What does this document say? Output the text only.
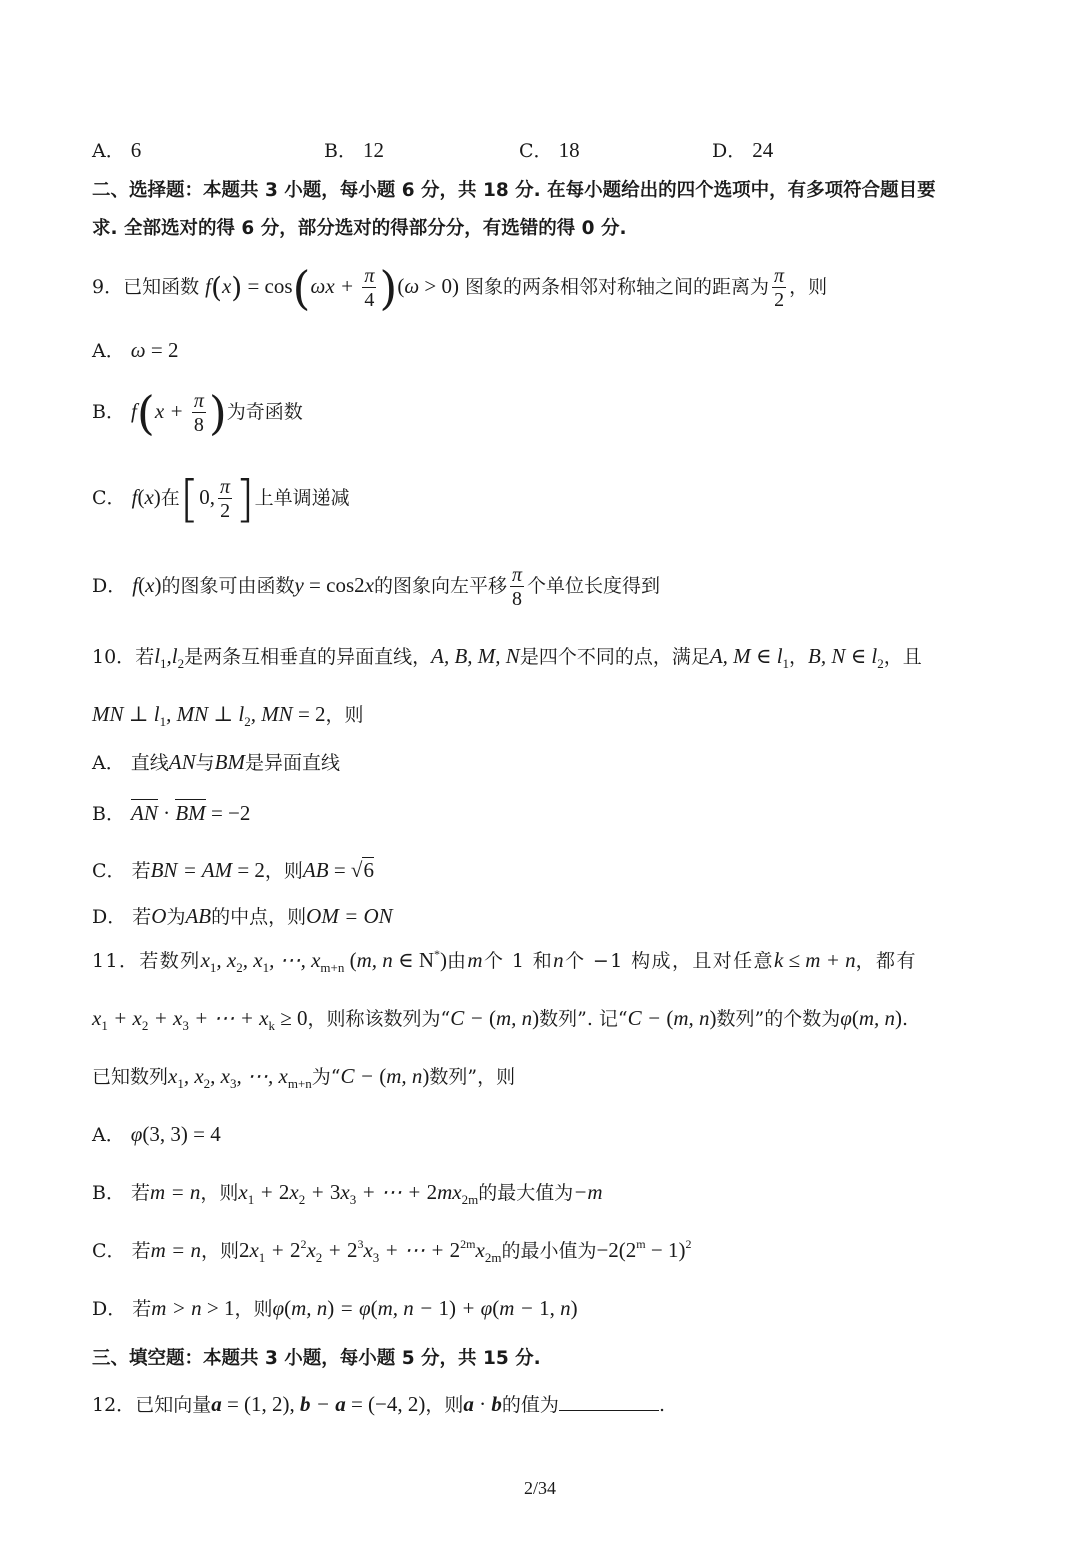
A． 6	B． 12	C． 18	D． 24
二、选择题：本题共 3 小题，每小题 6 分，共 18 分. 在每小题给出的四个选项中，有多项符合题目要
求. 全部选对的得 6 分，部分选对的得部分分，有选错的得 0 分.
9．已知函数 $f(x) = \cos(\omega x + \frac{\pi}{4} )(\omega > 0)$ 图象的两条相邻对称轴之间的距离为 $\frac{\pi}{2}$ ，则
A． ω = 2
B． $f(x + \frac{\pi}{8}$ )为奇函数
C． f(x)在[0, $\frac{\pi}{2}$ ]上单调递减
D． f(x)的图象可由函数y = cos2x的图象向左平移 $\frac{\pi}{8}$ 个单位长度得到
10．若$l_1,l_2$是两条互相垂直的异面直线，A, B, M, N是四个不同的点，满足A, M ∈ $l_1$，B, N ∈ $l_2$，且
MN ⊥ $l_1$, MN ⊥ $l_2$, MN = 2，则
A． 直线AN与BM是异面直线
B． AN · BM = −2
C． 若BN = AM = 2，则AB = √6
D． 若O为AB的中点，则OM = ON
11．若数列$x_1$, $x_2$, $x_1$, ⋯, $x_{m+n}$ (m, n ∈ N*)由m个 1 和n个 −1 构成，且对任意k ≤ m + n，都有
$x_1 + x_2 + x_3$ + ⋯ + $x_k \ge 0$，则称该数列为“C − (m, n)数列”. 记“C − (m, n)数列”的个数为φ(m, n).
已知数列$x_1$, $x_2$, $x_3$, ⋯, $x_{m+n}$为“C − (m, n)数列”，则
A． φ(3, 3) = 4
B． 若m = n，则$x_1 + 2x_2 + 3x_3$ + ⋯ + $2mx_{2m}$的最大值为−m
C． 若m = n，则$2x_1 + 2^2x_2 + 2^3x_3$ + ⋯ + $2^{2m}x_{2m}$的最小值为$-2(2^m - 1)^2$
D． 若m > n > 1，则φ(m, n) = φ(m, n − 1) + φ(m − 1, n)
三、填空题：本题共 3 小题，每小题 5 分，共 15 分.
12．已知向量a = (1, 2), b − a = (−4, 2)，则a · b的值为	.
2/34
